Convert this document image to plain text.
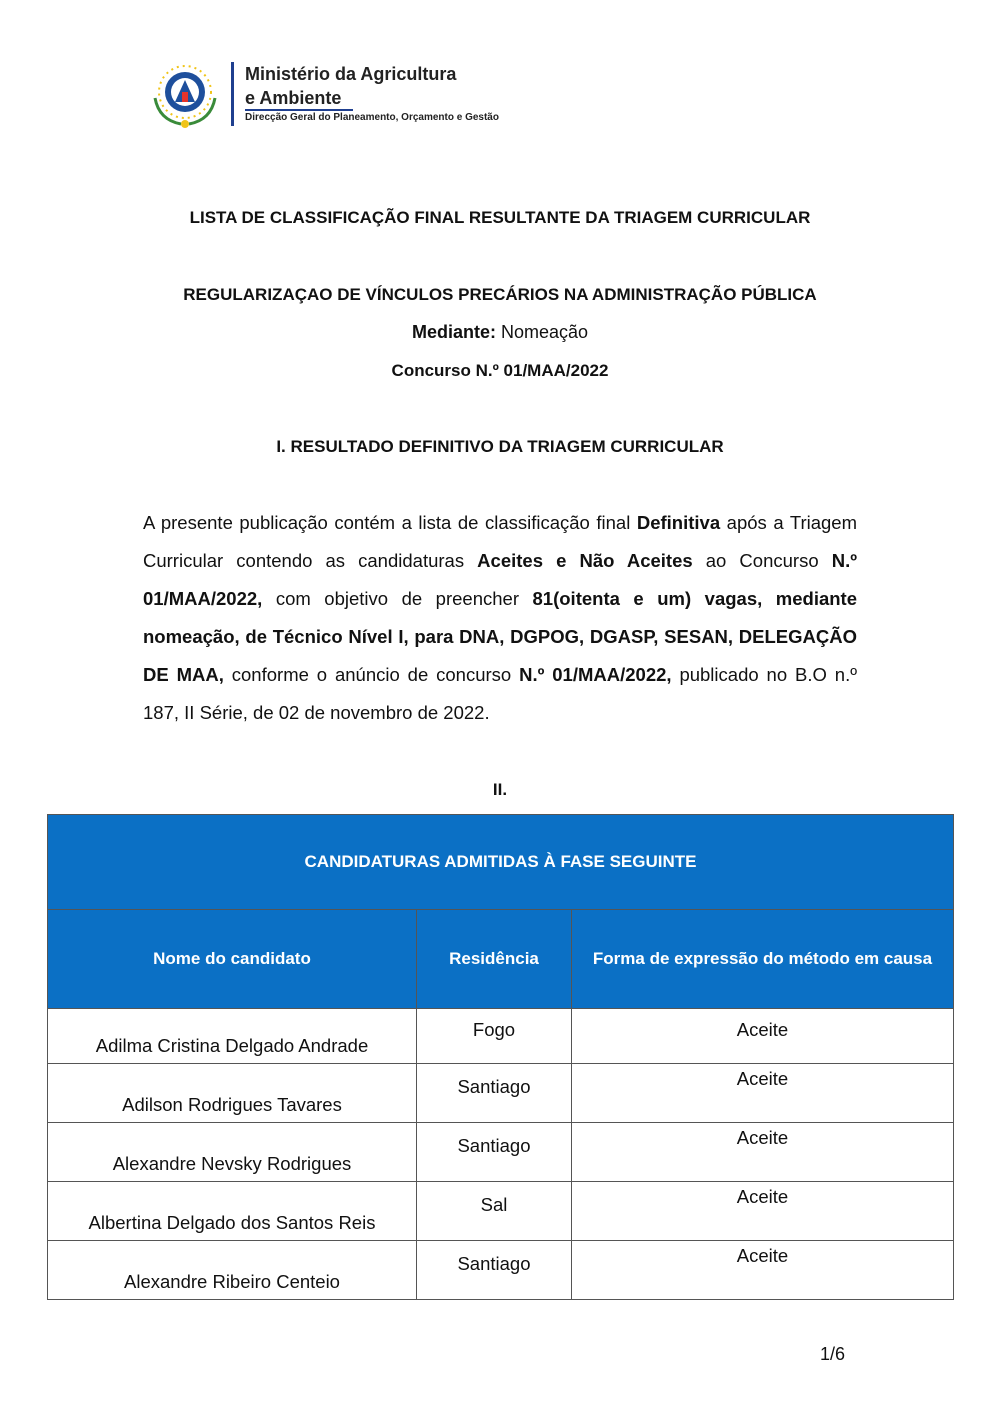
Ministério da Agricultura
e Ambiente
Direcção Geral do Planeamento, Orçamento e Gestão
LISTA DE CLASSIFICAÇÃO FINAL RESULTANTE DA TRIAGEM CURRICULAR
REGULARIZAÇAO DE VÍNCULOS PRECÁRIOS NA ADMINISTRAÇÃO PÚBLICA
Mediante: Nomeação
Concurso N.º 01/MAA/2022
I. RESULTADO DEFINITIVO DA TRIAGEM CURRICULAR
A presente publicação contém a lista de classificação final Definitiva após a Triagem Curricular contendo as candidaturas Aceites e Não Aceites ao Concurso N.º 01/MAA/2022, com objetivo de preencher 81(oitenta e um) vagas, mediante nomeação, de Técnico Nível I, para DNA, DGPOG, DGASP, SESAN, DELEGAÇÃO DE MAA, conforme o anúncio de concurso N.º 01/MAA/2022, publicado no B.O n.º 187, II Série, de 02 de novembro de 2022.
II.
CANDIDATURAS ADMITIDAS À FASE SEGUINTE		
Nome do candidato	Residência	Forma de expressão do método em causa
Adilma Cristina Delgado Andrade	Fogo	Aceite
Adilson Rodrigues Tavares	Santiago	Aceite
Alexandre Nevsky Rodrigues	Santiago	Aceite
Albertina Delgado dos Santos Reis	Sal	Aceite
Alexandre Ribeiro Centeio	Santiago	Aceite
1/6
